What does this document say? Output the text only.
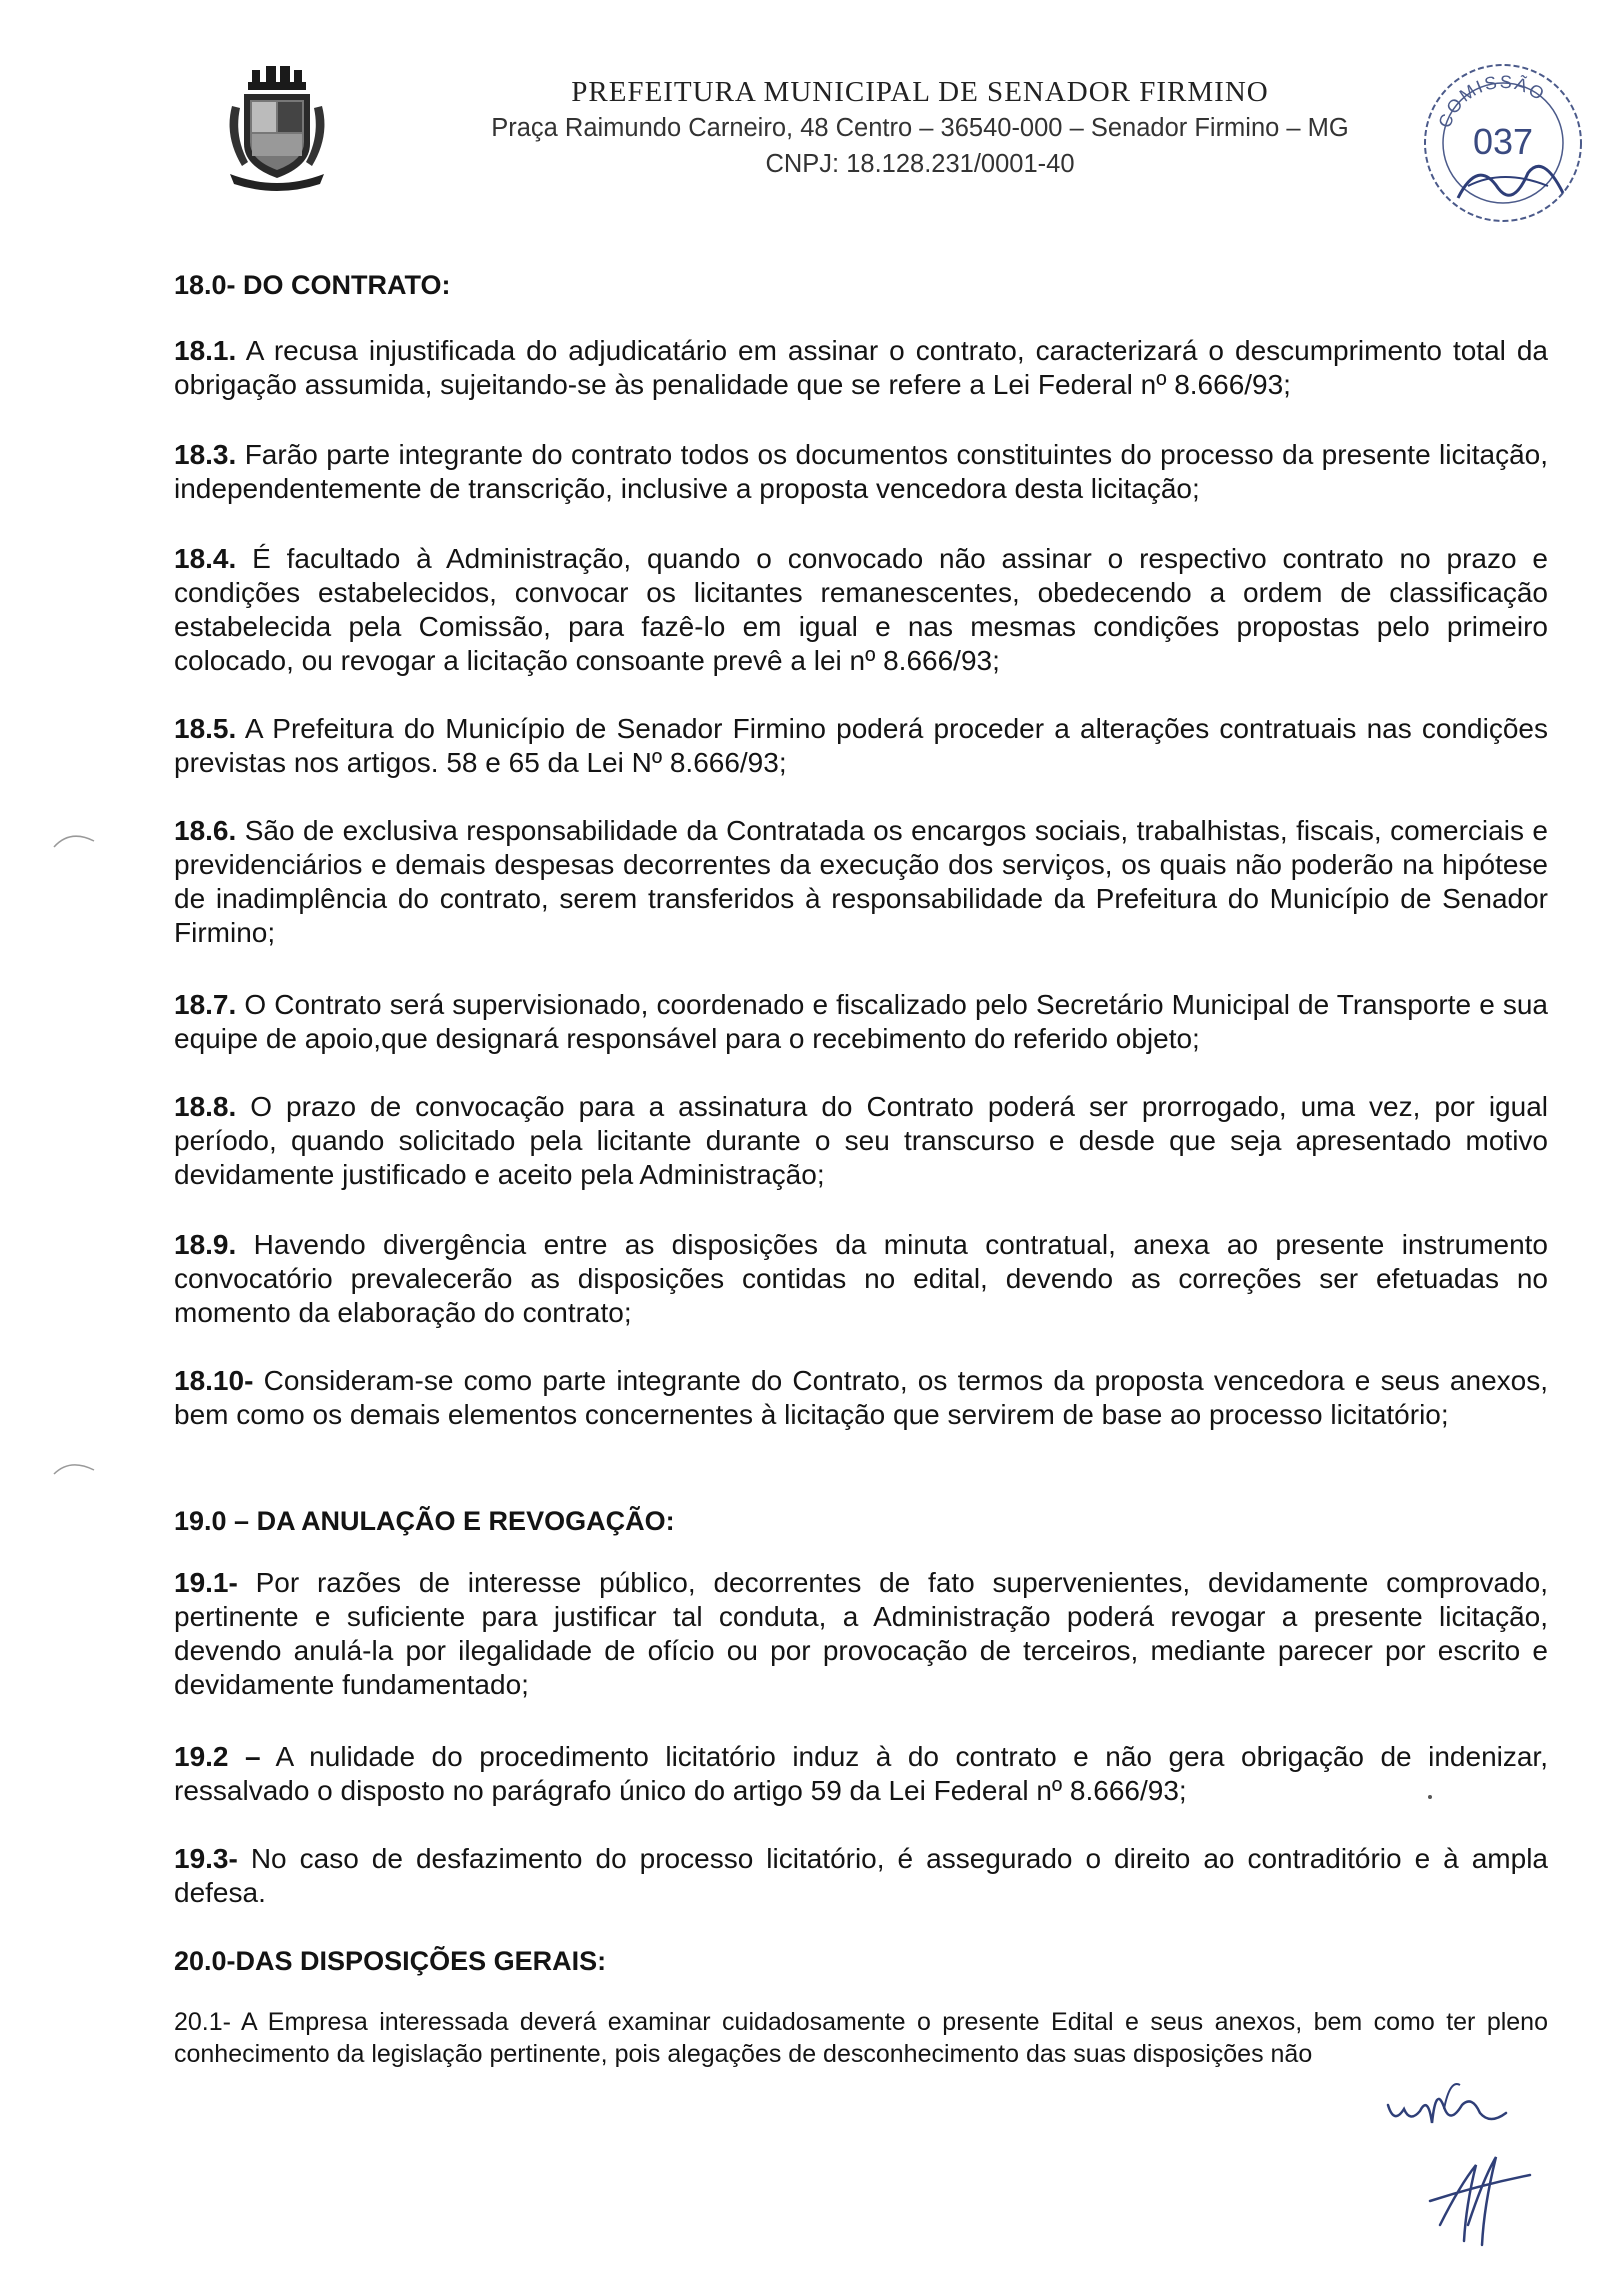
PREFEITURA MUNICIPAL DE SENADOR FIRMINO
Praça Raimundo Carneiro, 48 Centro – 36540-000 – Senador Firmino – MG
CNPJ: 18.128.231/0001-40
COMISSÃO
037
18.0- DO CONTRATO:
18.1. A recusa injustificada do adjudicatário em assinar o contrato, caracterizará o descumprimento total da obrigação assumida, sujeitando-se às penalidade que se refere a Lei Federal nº 8.666/93;
18.3. Farão parte integrante do contrato todos os documentos constituintes do processo da presente licitação, independentemente de transcrição, inclusive a proposta vencedora desta licitação;
18.4. É facultado à Administração, quando o convocado não assinar o respectivo contrato no prazo e condições estabelecidos, convocar os licitantes remanescentes, obedecendo a ordem de classificação estabelecida pela Comissão, para fazê-lo em igual e nas mesmas condições propostas pelo primeiro colocado, ou revogar a licitação consoante prevê a lei nº 8.666/93;
18.5. A Prefeitura do Município de Senador Firmino poderá proceder a alterações contratuais nas condições previstas nos artigos. 58 e 65 da Lei Nº 8.666/93;
18.6. São de exclusiva responsabilidade da Contratada os encargos sociais, trabalhistas, fiscais, comerciais e previdenciários e demais despesas decorrentes da execução dos serviços, os quais não poderão na hipótese de inadimplência do contrato, serem transferidos à responsabilidade da Prefeitura do Município de Senador Firmino;
18.7. O Contrato será supervisionado, coordenado e fiscalizado pelo Secretário Municipal de Transporte e sua equipe de apoio,que designará responsável para o recebimento do referido objeto;
18.8. O prazo de convocação para a assinatura do Contrato poderá ser prorrogado, uma vez, por igual período, quando solicitado pela licitante durante o seu transcurso e desde que seja apresentado motivo devidamente justificado e aceito pela Administração;
18.9. Havendo divergência entre as disposições da minuta contratual, anexa ao presente instrumento convocatório prevalecerão as disposições contidas no edital, devendo as correções ser efetuadas no momento da elaboração do contrato;
18.10- Consideram-se como parte integrante do Contrato, os termos da proposta vencedora e seus anexos, bem como os demais elementos concernentes à licitação que servirem de base ao processo licitatório;
19.0 – DA ANULAÇÃO E REVOGAÇÃO:
19.1- Por razões de interesse público, decorrentes de fato supervenientes, devidamente comprovado, pertinente e suficiente para justificar tal conduta, a Administração poderá revogar a presente licitação, devendo anulá-la por ilegalidade de ofício ou por provocação de terceiros, mediante parecer por escrito e devidamente fundamentado;
19.2 – A nulidade do procedimento licitatório induz à do contrato e não gera obrigação de indenizar, ressalvado o disposto no parágrafo único do artigo 59 da Lei Federal nº 8.666/93;
19.3- No caso de desfazimento do processo licitatório, é assegurado o direito ao contraditório e à ampla defesa.
20.0-DAS DISPOSIÇÕES GERAIS:
20.1- A Empresa interessada deverá examinar cuidadosamente o presente Edital e seus anexos, bem como ter pleno conhecimento da legislação pertinente, pois alegações de desconhecimento das suas disposições não
